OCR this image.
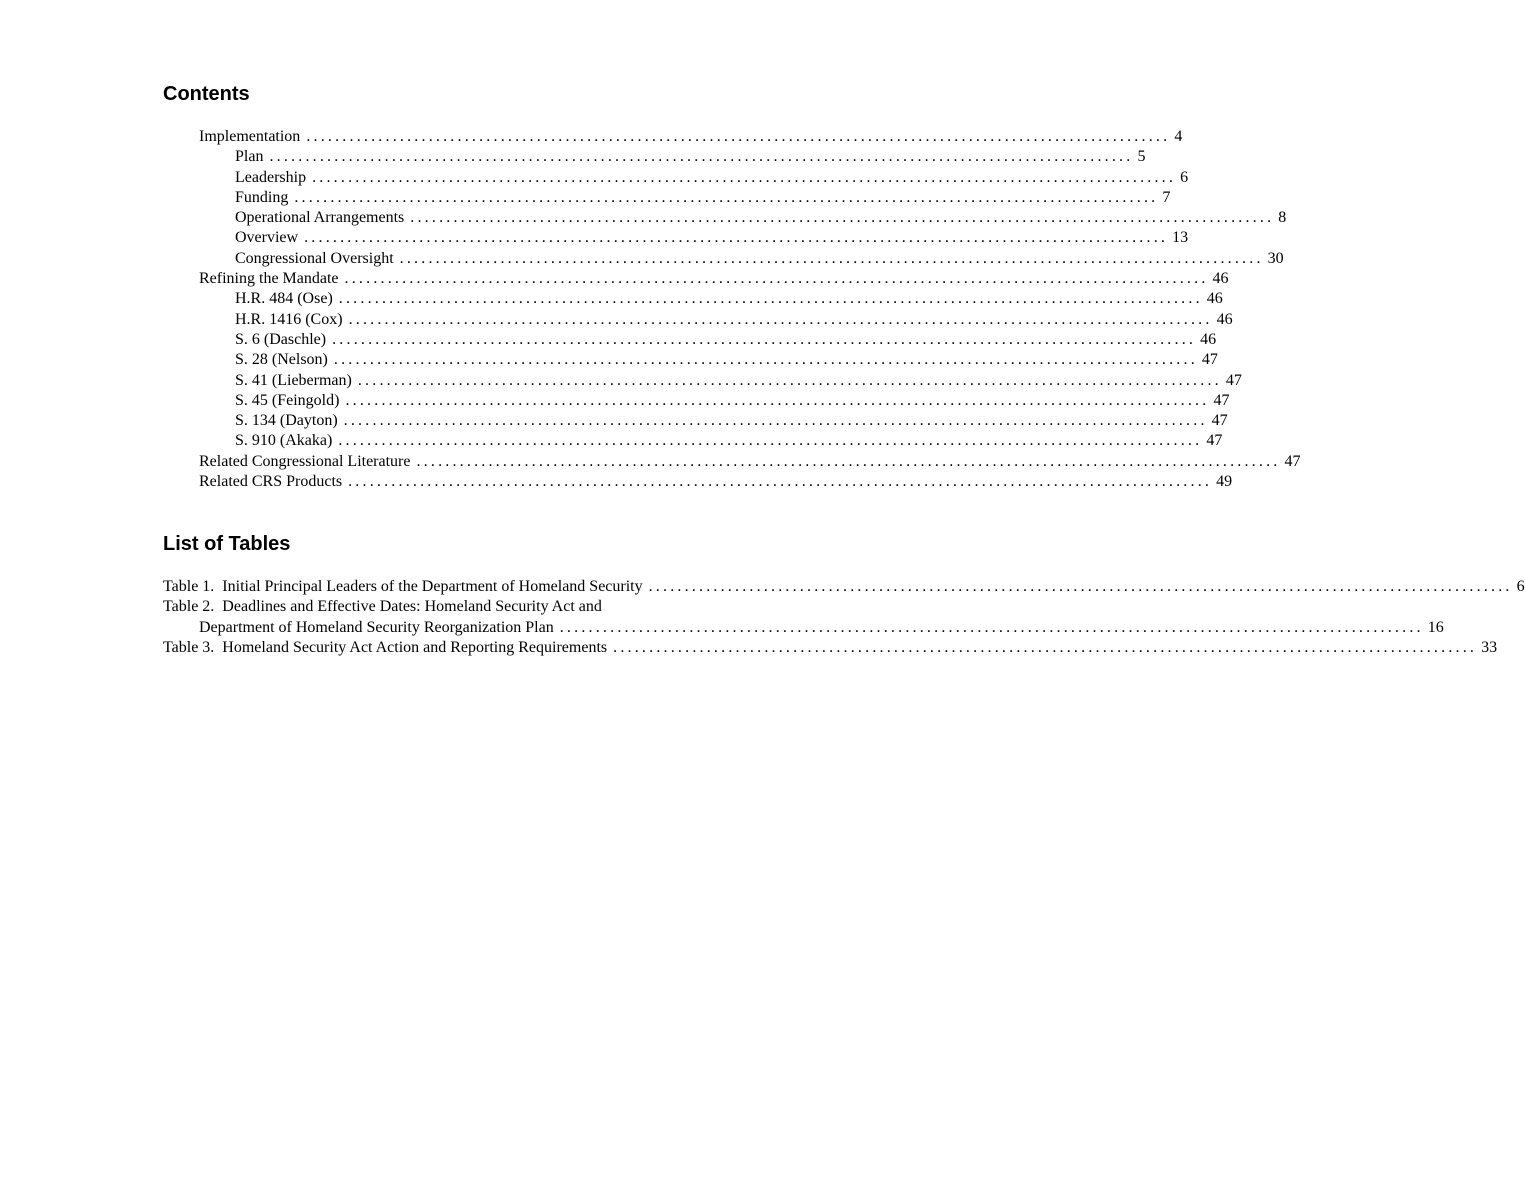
Contents
Implementation ........................................................................................................................ 4
Plan ........................................................................................................................ 5
Leadership ........................................................................................................................ 6
Funding ........................................................................................................................ 7
Operational Arrangements ........................................................................................................................ 8
Overview ........................................................................................................................ 13
Congressional Oversight ........................................................................................................................ 30
Refining the Mandate ........................................................................................................................ 46
H.R. 484 (Ose) ........................................................................................................................ 46
H.R. 1416 (Cox) ........................................................................................................................ 46
S. 6 (Daschle) ........................................................................................................................ 46
S. 28 (Nelson) ........................................................................................................................ 47
S. 41 (Lieberman) ........................................................................................................................ 47
S. 45 (Feingold) ........................................................................................................................ 47
S. 134 (Dayton) ........................................................................................................................ 47
S. 910 (Akaka) ........................................................................................................................ 47
Related Congressional Literature ........................................................................................................................ 47
Related CRS Products ........................................................................................................................ 49
List of Tables
Table 1.  Initial Principal Leaders of the Department of Homeland Security ........................................................................................................................ 6
Table 2.  Deadlines and Effective Dates: Homeland Security Act and
Department of Homeland Security Reorganization Plan ........................................................................................................................ 16
Table 3.  Homeland Security Act Action and Reporting Requirements ........................................................................................................................ 33
